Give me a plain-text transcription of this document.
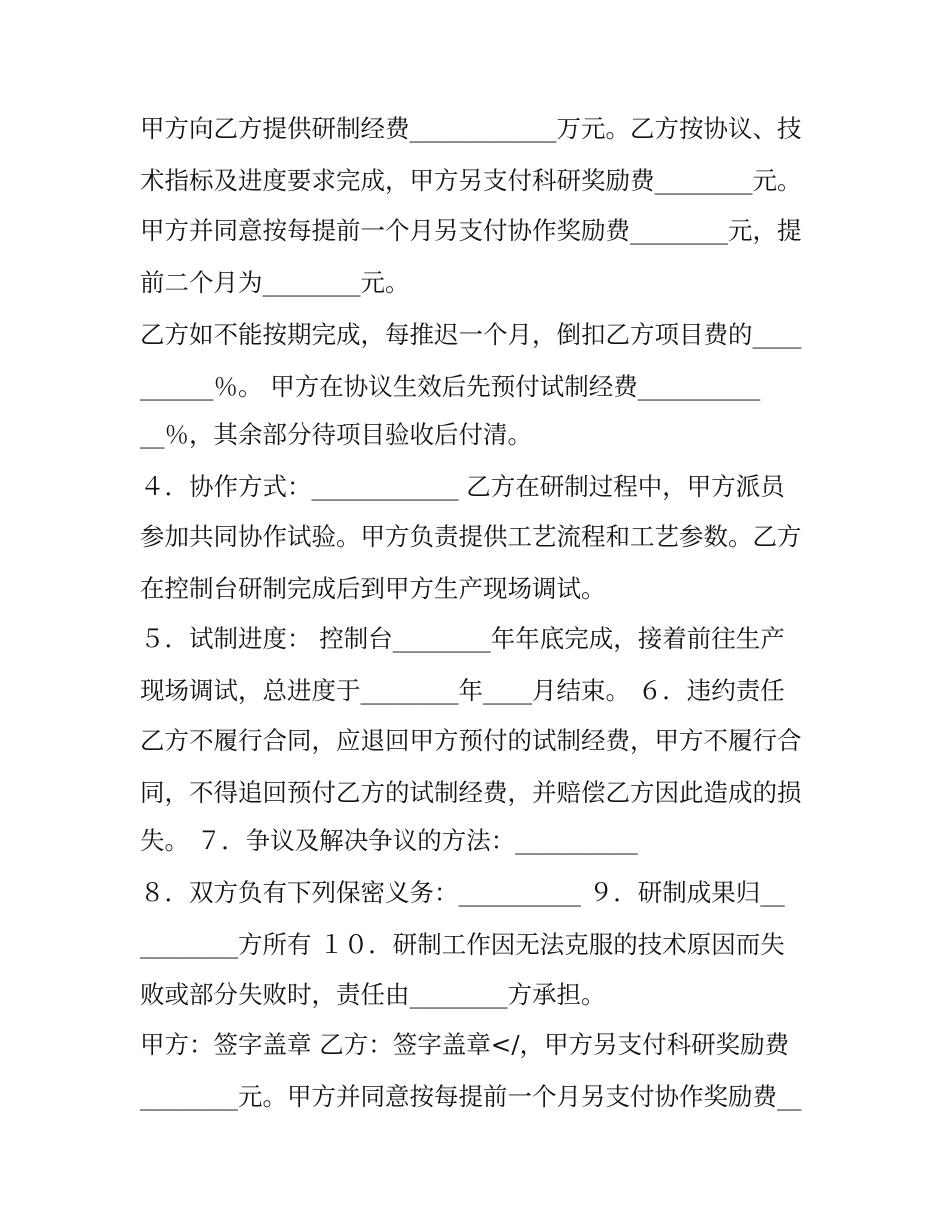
甲方向乙方提供研制经费____________万元。乙方按协议、技
术指标及进度要求完成，甲方另支付科研奖励费________元。
甲方并同意按每提前一个月另支付协作奖励费________元，提
前二个月为________元。
乙方如不能按期完成，每推迟一个月，倒扣乙方项目费的____
______％。 甲方在协议生效后先预付试制经费__________
__％，其余部分待项目验收后付清。
４．协作方式：____________ 乙方在研制过程中，甲方派员
参加共同协作试验。甲方负责提供工艺流程和工艺参数。乙方
在控制台研制完成后到甲方生产现场调试。
５．试制进度： 控制台________年年底完成，接着前往生产
现场调试，总进度于________年____月结束。 ６．违约责任
乙方不履行合同，应退回甲方预付的试制经费，甲方不履行合
同，不得追回预付乙方的试制经费，并赔偿乙方因此造成的损
失。 ７．争议及解决争议的方法：__________
８．双方负有下列保密义务：__________ ９．研制成果归__
________方所有 １０．研制工作因无法克服的技术原因而失
败或部分失败时，责任由________方承担。
甲方：签字盖章 乙方：签字盖章</，甲方另支付科研奖励费
________元。甲方并同意按每提前一个月另支付协作奖励费__
